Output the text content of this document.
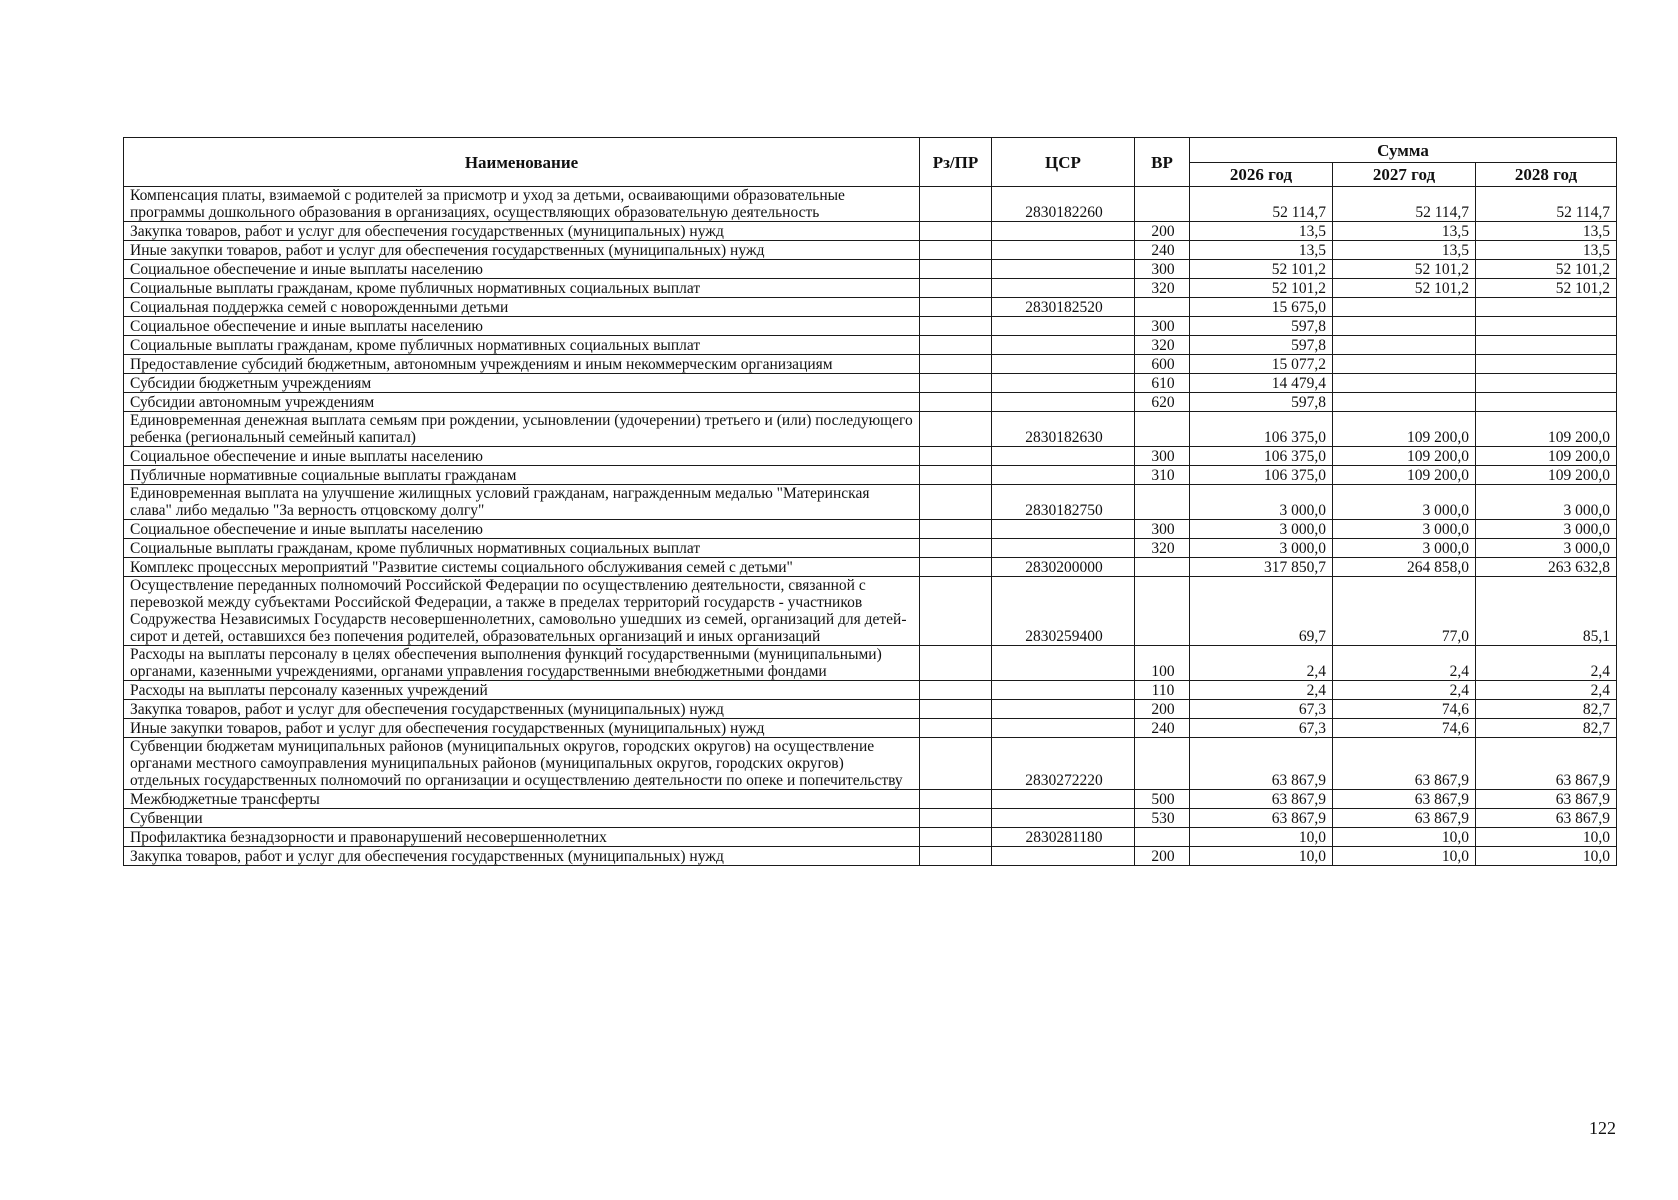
Наименование	Рз/ПР	ЦСР	ВР	Сумма		
				2026 год	2027 год	2028 год
Компенсация платы, взимаемой с родителей за присмотр и уход за детьми, осваивающими образовательные программы дошкольного образования в организациях, осуществляющих образовательную деятельность		2830182260		52 114,7	52 114,7	52 114,7
Закупка товаров, работ и услуг для обеспечения государственных (муниципальных) нужд			200	13,5	13,5	13,5
Иные закупки товаров, работ и услуг для обеспечения государственных (муниципальных) нужд			240	13,5	13,5	13,5
Социальное обеспечение и иные выплаты населению			300	52 101,2	52 101,2	52 101,2
Социальные выплаты гражданам, кроме публичных нормативных социальных выплат			320	52 101,2	52 101,2	52 101,2
Социальная поддержка семей с новорожденными детьми		2830182520		15 675,0		
Социальное обеспечение и иные выплаты населению			300	597,8		
Социальные выплаты гражданам, кроме публичных нормативных социальных выплат			320	597,8		
Предоставление субсидий бюджетным, автономным учреждениям и иным некоммерческим организациям			600	15 077,2		
Субсидии бюджетным учреждениям			610	14 479,4		
Субсидии автономным учреждениям			620	597,8		
Единовременная денежная выплата семьям при рождении, усыновлении (удочерении) третьего и (или) последующего ребенка (региональный семейный капитал)		2830182630		106 375,0	109 200,0	109 200,0
Социальное обеспечение и иные выплаты населению			300	106 375,0	109 200,0	109 200,0
Публичные нормативные социальные выплаты гражданам			310	106 375,0	109 200,0	109 200,0
Единовременная выплата на улучшение жилищных условий гражданам, награжденным медалью "Материнская слава" либо медалью "За верность отцовскому долгу"		2830182750		3 000,0	3 000,0	3 000,0
Социальное обеспечение и иные выплаты населению			300	3 000,0	3 000,0	3 000,0
Социальные выплаты гражданам, кроме публичных нормативных социальных выплат			320	3 000,0	3 000,0	3 000,0
Комплекс процессных мероприятий "Развитие системы социального обслуживания семей с детьми"		2830200000		317 850,7	264 858,0	263 632,8
Осуществление переданных полномочий Российской Федерации по осуществлению деятельности, связанной с перевозкой между субъектами Российской Федерации, а также в пределах территорий государств - участников Содружества Независимых Государств несовершеннолетних, самовольно ушедших из семей, организаций для детей-сирот и детей, оставшихся без попечения родителей, образовательных организаций и иных организаций		2830259400		69,7	77,0	85,1
Расходы на выплаты персоналу в целях обеспечения выполнения функций государственными (муниципальными) органами, казенными учреждениями, органами управления государственными внебюджетными фондами			100	2,4	2,4	2,4
Расходы на выплаты персоналу казенных учреждений			110	2,4	2,4	2,4
Закупка товаров, работ и услуг для обеспечения государственных (муниципальных) нужд			200	67,3	74,6	82,7
Иные закупки товаров, работ и услуг для обеспечения государственных (муниципальных) нужд			240	67,3	74,6	82,7
Субвенции бюджетам муниципальных районов (муниципальных округов, городских округов) на осуществление органами местного самоуправления муниципальных районов (муниципальных округов, городских округов) отдельных государственных полномочий по организации и осуществлению деятельности по опеке и попечительству		2830272220		63 867,9	63 867,9	63 867,9
Межбюджетные трансферты			500	63 867,9	63 867,9	63 867,9
Субвенции			530	63 867,9	63 867,9	63 867,9
Профилактика безнадзорности и правонарушений несовершеннолетних		2830281180		10,0	10,0	10,0
Закупка товаров, работ и услуг для обеспечения государственных (муниципальных) нужд			200	10,0	10,0	10,0
122
